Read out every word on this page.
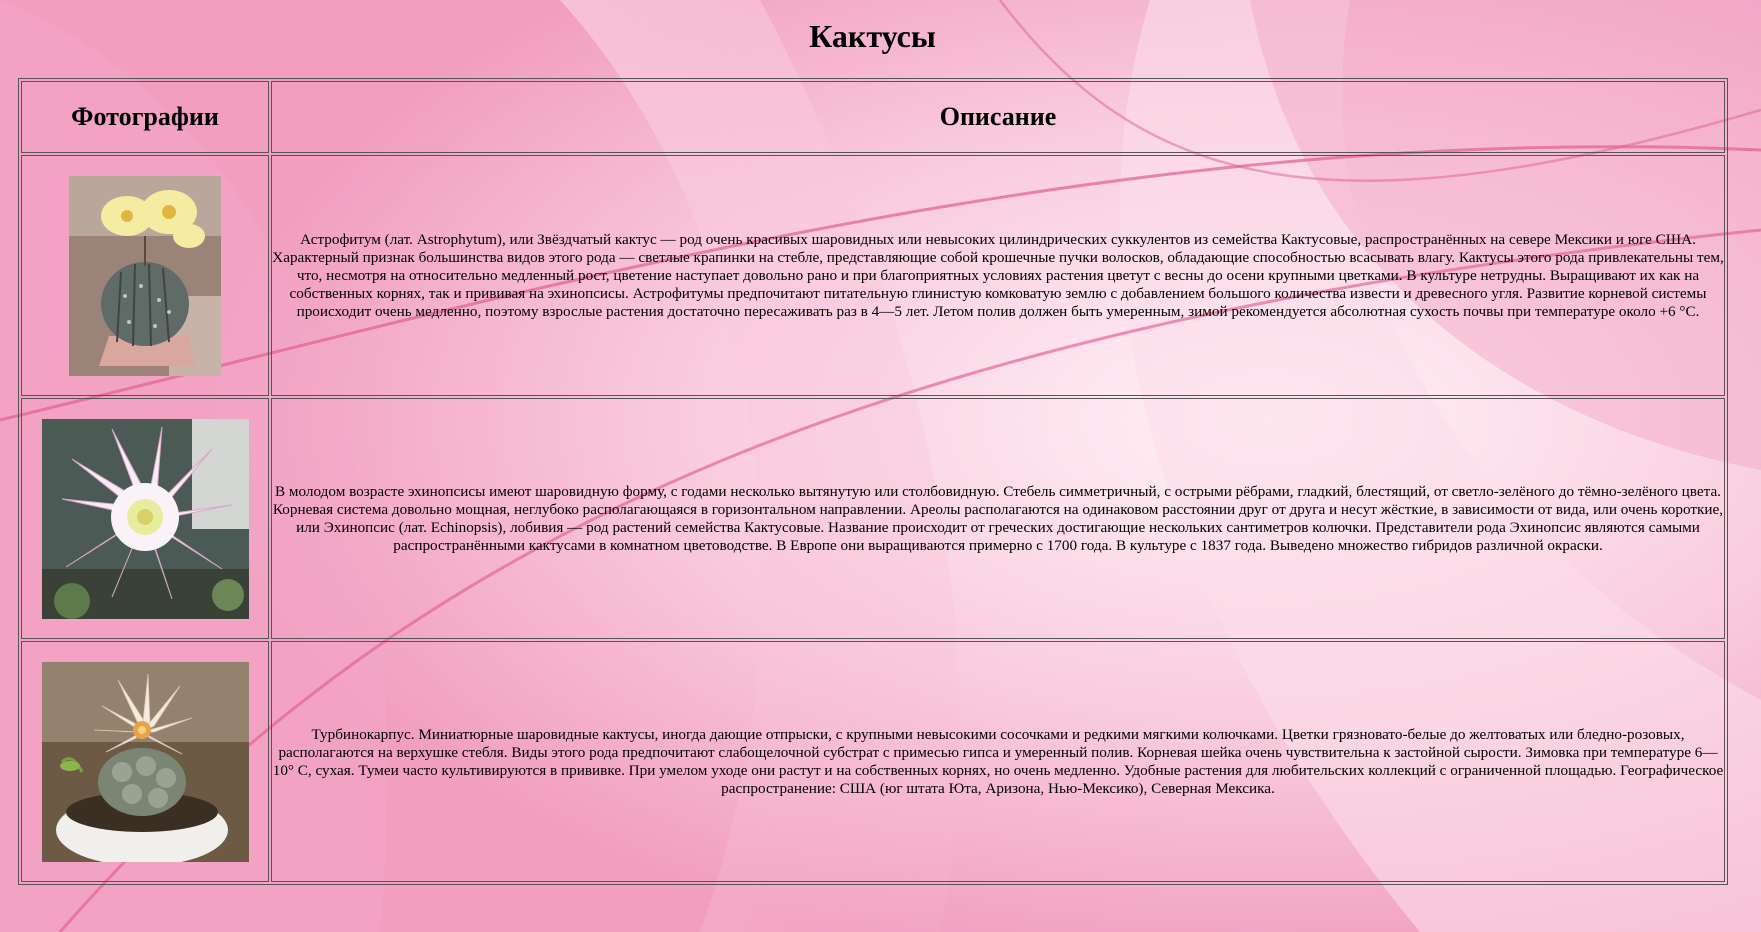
Кактусы
Фотографии	Описание

	Астрофитум (лат. Astrophytum), или Звёздчатый кактус — род очень красивых шаровидных или невысоких цилиндрических суккулентов из семейства Кактусовые, распространённых на севере Мексики и юге США. Характерный признак большинства видов этого рода — светлые крапинки на стебле, представляющие собой крошечные пучки волосков, обладающие способностью всасывать влагу. Кактусы этого рода привлекательны тем, что, несмотря на относительно медленный рост, цветение наступает довольно рано и при благоприятных условиях растения цветут с весны до осени крупными цветками. В культуре нетрудны. Выращивают их как на собственных корнях, так и прививая на эхинопсисы. Астрофитумы предпочитают питательную глинистую комковатую землю с добавлением большого количества извести и древесного угля. Развитие корневой системы происходит очень медленно, поэтому взрослые растения достаточно пересаживать раз в 4—5 лет. Летом полив должен быть умеренным, зимой рекомендуется абсолютная сухость почвы при температуре около +6 °С.

	В молодом возрасте эхинопсисы имеют шаровидную форму, с годами несколько вытянутую или столбовидную. Стебель симметричный, с острыми рёбрами, гладкий, блестящий, от светло-зелёного до тёмно-зелёного цвета. Корневая система довольно мощная, неглубоко располагающаяся в горизонтальном направлении. Ареолы располагаются на одинаковом расстоянии друг от друга и несут жёсткие, в зависимости от вида, или очень короткие, или Эхинопсис (лат. Echinopsis), лобивия — род растений семейства Кактусовые. Название происходит от греческих достигающие нескольких сантиметров колючки. Представители рода Эхинопсис являются самыми распространёнными кактусами в комнатном цветоводстве. В Европе они выращиваются примерно с 1700 года. В культуре с 1837 года. Выведено множество гибридов различной окраски.

	Турбинокарпус. Миниатюрные шаровидные кактусы, иногда дающие отпрыски, с крупными невысокими сосочками и редкими мягкими колючками. Цветки грязновато-белые до желтоватых или бледно-розовых, располагаются на верхушке стебля. Виды этого рода предпочитают слабощелочной субстрат с примесью гипса и умеренный полив. Корневая шейка очень чувствительна к застойной сырости. Зимовка при температуре 6—10° С, сухая. Тумеи часто культивируются в прививке. При умелом уходе они растут и на собственных корнях, но очень медленно. Удобные растения для любительских коллекций с ограниченной площадью. Географическое распространение: США (юг штата Юта, Аризона, Нью-Мексико), Северная Мексика.
